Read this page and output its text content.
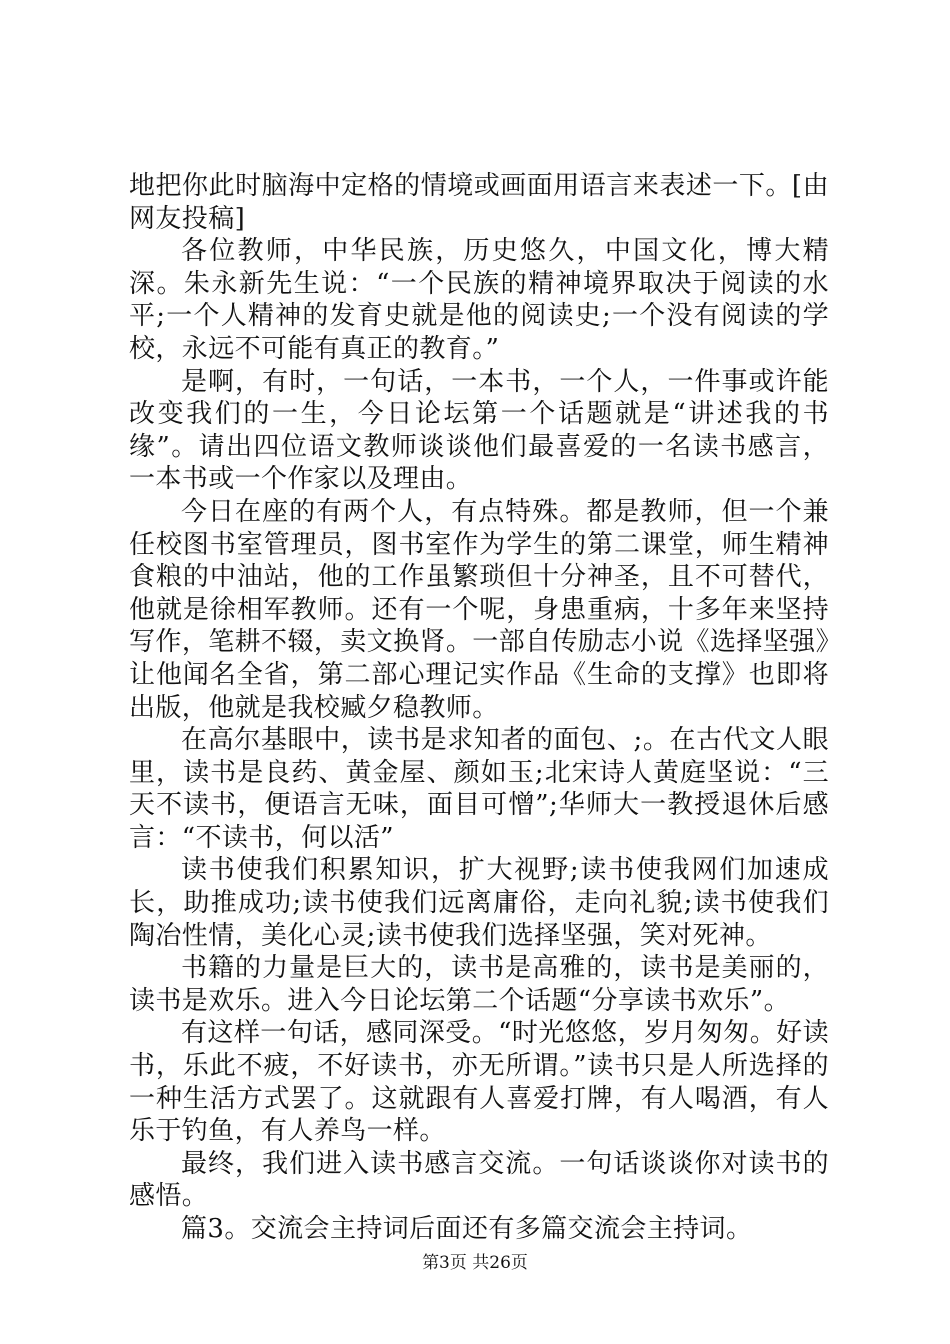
地把你此时脑海中定格的情境或画面用语言来表述一下。[由网友投稿]

各位教师，中华民族，历史悠久，中国文化，博大精深。朱永新先生说：“一个民族的精神境界取决于阅读的水平;一个人精神的发育史就是他的阅读史;一个没有阅读的学校，永远不可能有真正的教育。”

是啊，有时，一句话，一本书，一个人，一件事或许能改变我们的一生，今日论坛第一个话题就是“讲述我的书缘”。请出四位语文教师谈谈他们最喜爱的一名读书感言，一本书或一个作家以及理由。

今日在座的有两个人，有点特殊。都是教师，但一个兼任校图书室管理员，图书室作为学生的第二课堂，师生精神食粮的中油站，他的工作虽繁琐但十分神圣，且不可替代，他就是徐相军教师。还有一个呢，身患重病，十多年来坚持写作，笔耕不辍，卖文换肾。一部自传励志小说《选择坚强》让他闻名全省，第二部心理记实作品《生命的支撑》也即将出版，他就是我校臧夕稳教师。

在高尔基眼中，读书是求知者的面包、;。在古代文人眼里，读书是良药、黄金屋、颜如玉;北宋诗人黄庭坚说：“三天不读书，便语言无味，面目可憎”;华师大一教授退休后感言：“不读书，何以活”

读书使我们积累知识，扩大视野;读书使我网们加速成长，助推成功;读书使我们远离庸俗，走向礼貌;读书使我们陶冶性情，美化心灵;读书使我们选择坚强，笑对死神。

书籍的力量是巨大的，读书是高雅的，读书是美丽的，读书是欢乐。进入今日论坛第二个话题“分享读书欢乐”。

有这样一句话，感同深受。“时光悠悠，岁月匆匆。好读书，乐此不疲，不好读书，亦无所谓。”读书只是人所选择的一种生活方式罢了。这就跟有人喜爱打牌，有人喝酒，有人乐于钓鱼，有人养鸟一样。

最终，我们进入读书感言交流。一句话谈谈你对读书的感悟。

篇3。交流会主持词后面还有多篇交流会主持词。

第3页 共26页
